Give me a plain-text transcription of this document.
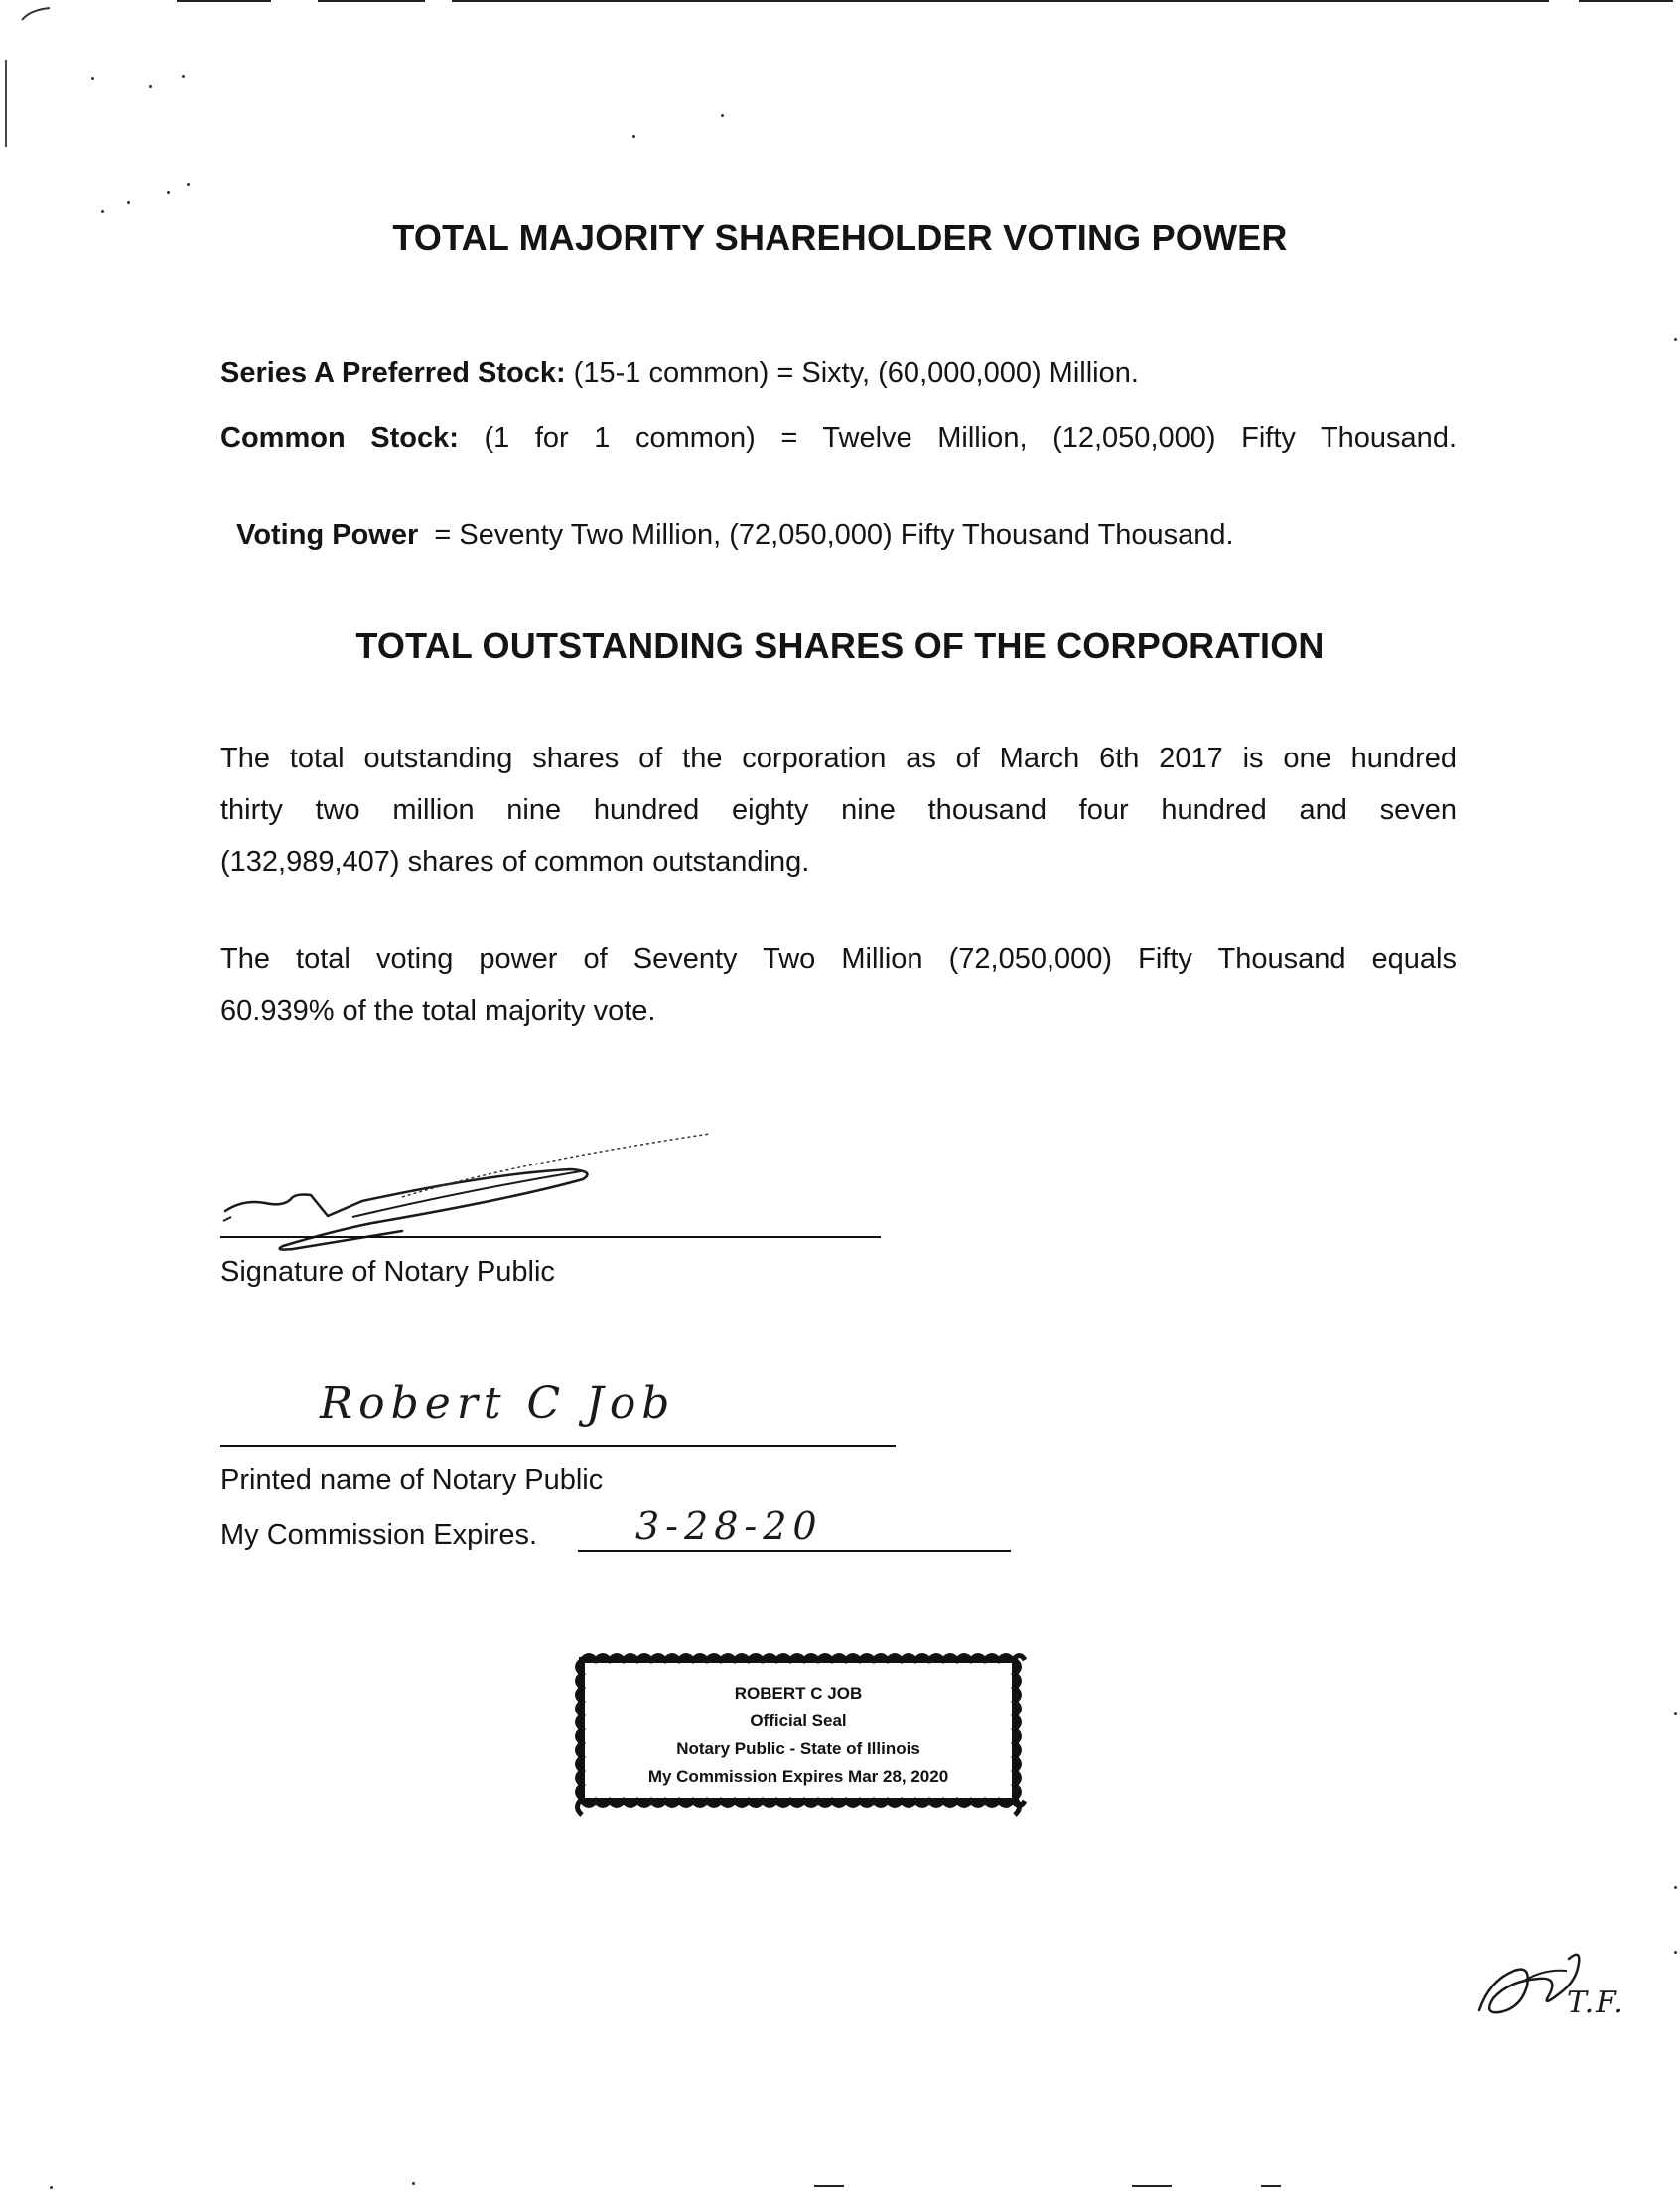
TOTAL MAJORITY SHAREHOLDER VOTING POWER
Series A Preferred Stock: (15-1 common) = Sixty, (60,000,000) Million.
Common Stock: (1 for 1 common) = Twelve Million, (12,050,000) Fifty Thousand.

Voting Power  = Seventy Two Million, (72,050,000) Fifty Thousand Thousand.

TOTAL OUTSTANDING SHARES OF THE CORPORATION
The total outstanding shares of the corporation as of March 6th 2017 is one hundred
thirty two million nine hundred eighty nine thousand four hundred and seven
(132,989,407) shares of common outstanding.
The total voting power of Seventy Two Million (72,050,000) Fifty Thousand equals
60.939% of the total majority vote.
Signature of Notary Public
Robert C Job
Printed name of Notary Public
My Commission Expires.	3-28-20
ROBERT C JOB
Official Seal
Notary Public - State of Illinois
My Commission Expires Mar 28, 2020
T.F.
